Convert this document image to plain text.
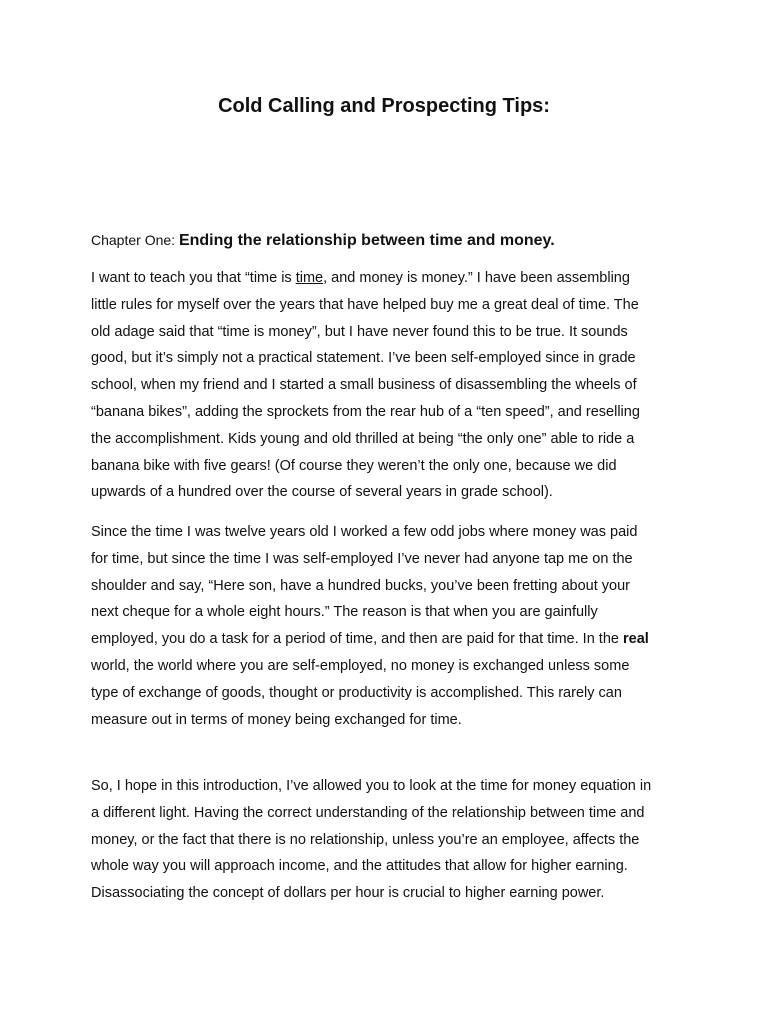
Cold Calling and Prospecting Tips:
Chapter One: Ending the relationship between time and money.

I want to teach you that “time is time, and money is money.” I have been assembling
little rules for myself over the years that have helped buy me a great deal of time. The
old adage said that “time is money”, but I have never found this to be true. It sounds
good, but it’s simply not a practical statement. I’ve been self-employed since in grade
school, when my friend and I started a small business of disassembling the wheels of
“banana bikes”, adding the sprockets from the rear hub of a “ten speed”, and reselling
the accomplishment. Kids young and old thrilled at being “the only one” able to ride a
banana bike with five gears! (Of course they weren’t the only one, because we did
upwards of a hundred over the course of several years in grade school).

Since the time I was twelve years old I worked a few odd jobs where money was paid
for time, but since the time I was self-employed I’ve never had anyone tap me on the
shoulder and say, “Here son, have a hundred bucks, you’ve been fretting about your
next cheque for a whole eight hours.” The reason is that when you are gainfully
employed, you do a task for a period of time, and then are paid for that time. In the real
world, the world where you are self-employed, no money is exchanged unless some
type of exchange of goods, thought or productivity is accomplished. This rarely can
measure out in terms of money being exchanged for time.

So, I hope in this introduction, I’ve allowed you to look at the time for money equation in
a different light. Having the correct understanding of the relationship between time and
money, or the fact that there is no relationship, unless you’re an employee, affects the
whole way you will approach income, and the attitudes that allow for higher earning.
Disassociating the concept of dollars per hour is crucial to higher earning power.
